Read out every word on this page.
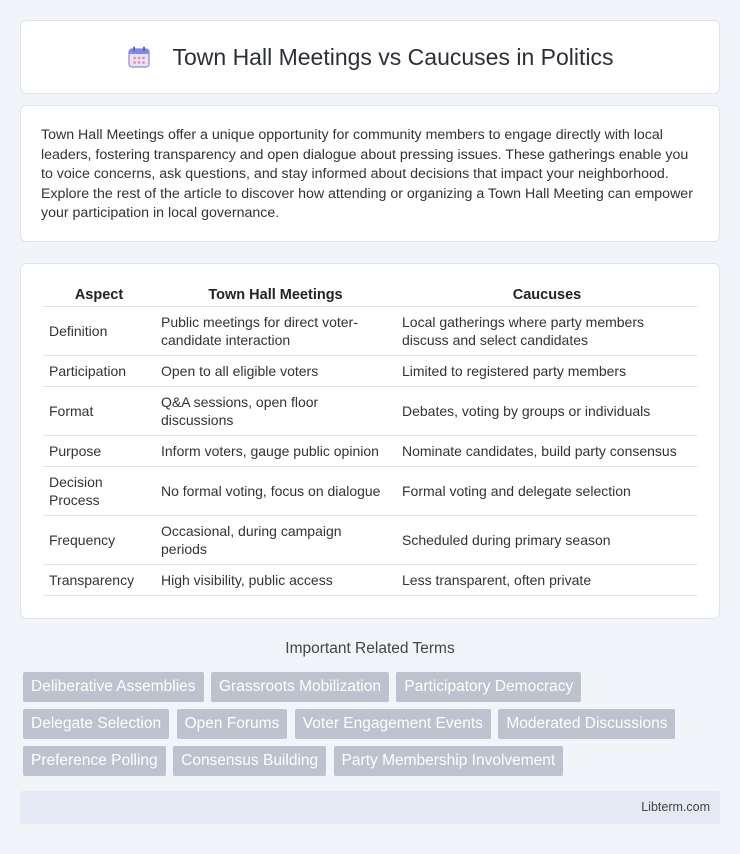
Town Hall Meetings vs Caucuses in Politics

Town Hall Meetings offer a unique opportunity for community members to engage directly with local leaders, fostering transparency and open dialogue about pressing issues. These gatherings enable you to voice concerns, ask questions, and stay informed about decisions that impact your neighborhood. Explore the rest of the article to discover how attending or organizing a Town Hall Meeting can empower your participation in local governance.

Aspect	Town Hall Meetings	Caucuses
Definition	Public meetings for direct voter-candidate interaction	Local gatherings where party members discuss and select candidates
Participation	Open to all eligible voters	Limited to registered party members
Format	Q&A sessions, open floor discussions	Debates, voting by groups or individuals
Purpose	Inform voters, gauge public opinion	Nominate candidates, build party consensus
Decision Process	No formal voting, focus on dialogue	Formal voting and delegate selection
Frequency	Occasional, during campaign periods	Scheduled during primary season
Transparency	High visibility, public access	Less transparent, often private
Important Related Terms
Deliberative Assemblies Grassroots Mobilization Participatory Democracy
Delegate Selection Open Forums Voter Engagement Events Moderated Discussions
Preference Polling Consensus Building Party Membership Involvement
Libterm.com
